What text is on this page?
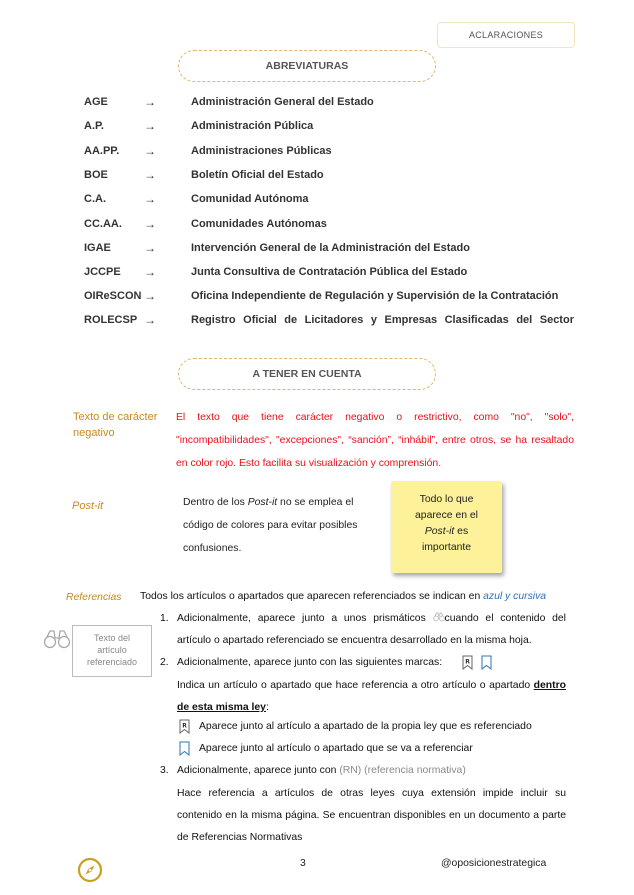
ACLARACIONES
ABREVIATURAS
AGE	→	Administración General del Estado
A.P.	→	Administración Pública
AA.PP. →	Administraciones Públicas
BOE	→	Boletín Oficial del Estado
C.A.	→	Comunidad Autónoma
CC.AA. →	Comunidades Autónomas
IGAE	→	Intervención General de la Administración del Estado
JCCPE →	Junta Consultiva de Contratación Pública del Estado
OIReSCON →	Oficina Independiente de Regulación y Supervisión de la Contratación
ROLECSP →	Registro Oficial de Licitadores y Empresas Clasificadas del Sector
A TENER EN CUENTA
Texto de carácter
negativo
El texto que tiene carácter negativo o restrictivo, como "no", "solo", "incompatibilidades", "excepciones", “sanción”, “inhábil”, entre otros, se ha resaltado en color rojo. Esto facilita su visualización y comprensión.
Post-it	Dentro de los Post-it no se emplea el código de colores para evitar posibles confusiones.
Todo lo que
aparece en el
Post-it es
importante
Referencias Todos los artículos o apartados que aparecen referenciados se indican en azul y cursiva
Texto del
artículo
referenciado
1. Adicionalmente, aparece junto a unos prismáticos cuando el contenido del artículo o apartado referenciado se encuentra desarrollado en la misma hoja.
2. Adicionalmente, aparece junto con las siguientes marcas:	R
Indica un artículo o apartado que hace referencia a otro artículo o apartado dentro de esta misma ley:
R Aparece junto al artículo a apartado de la propia ley que es referenciado
Aparece junto al artículo o apartado que se va a referenciar
3. Adicionalmente, aparece junto con (RN) (referencia normativa)
Hace referencia a artículos de otras leyes cuya extensión impide incluir su contenido en la misma página. Se encuentran disponibles en un documento a parte de Referencias Normativas
3	@oposicionestrategica
